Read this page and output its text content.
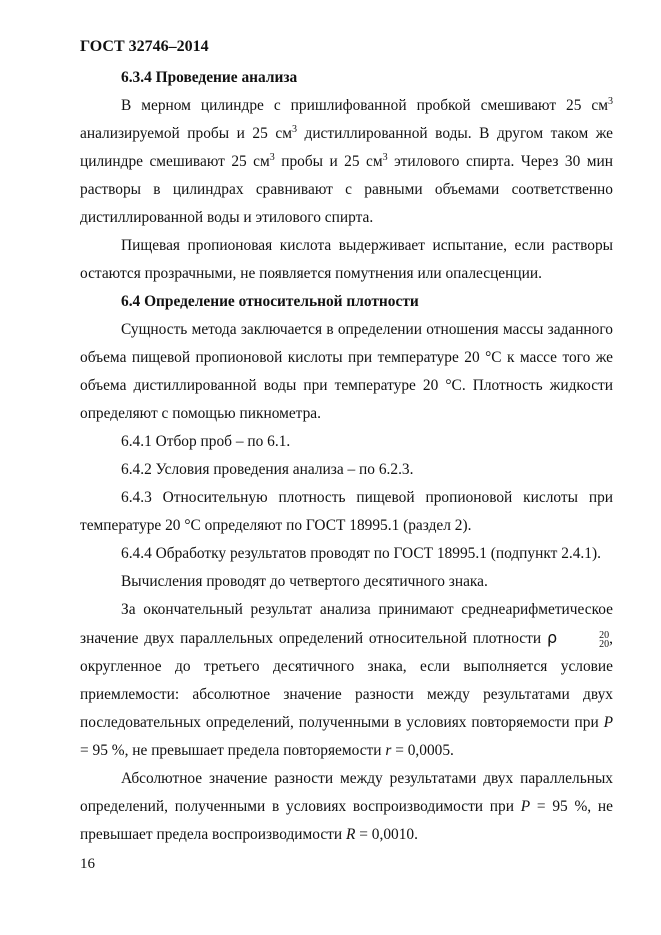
ГОСТ 32746–2014

6.3.4 Проведение анализа

В мерном цилиндре с пришлифованной пробкой смешивают 25 $см^3$ анализируемой пробы и 25 $см^3$ дистиллированной воды. В другом таком же цилиндре смешивают 25 $см^3$ пробы и 25 $см^3$ этилового спирта. Через 30 мин растворы в цилиндрах сравнивают с равными объемами соответственно дистиллированной воды и этилового спирта.

Пищевая пропионовая кислота выдерживает испытание, если растворы остаются прозрачными, не появляется помутнения или опалесценции.

6.4 Определение относительной плотности

Сущность метода заключается в определении отношения массы заданного объема пищевой пропионовой кислоты при температуре 20 °С к массе того же объема дистиллированной воды при температуре 20 °С. Плотность жидкости определяют с помощью пикнометра.

6.4.1 Отбор проб – по 6.1.

6.4.2 Условия проведения анализа – по 6.2.3.

6.4.3 Относительную плотность пищевой пропионовой кислоты при температуре 20 °С определяют по ГОСТ 18995.1 (раздел 2).

6.4.4 Обработку результатов проводят по ГОСТ 18995.1 (подпункт 2.4.1).

Вычисления проводят до четвертого десятичного знака.

За окончательный результат анализа принимают среднеарифметическое значение двух параллельных определений относительной плотности ρ	20
20 , округленное до третьего десятичного знака, если выполняется условие приемлемости: абсолютное значение разности между результатами двух последовательных определений, полученными в условиях повторяемости при P = 95 %, не превышает предела повторяемости r = 0,0005.

Абсолютное значение разности между результатами двух параллельных определений, полученными в условиях воспроизводимости при P = 95 %, не превышает предела воспроизводимости R = 0,0010.

16
